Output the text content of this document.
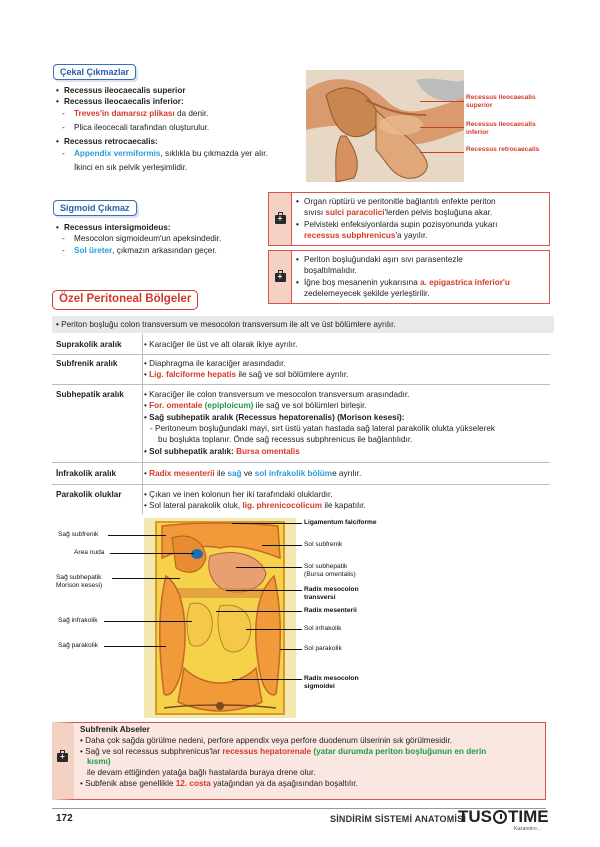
Çekal Çıkmazlar
• Recessus ileocaecalis superior
• Recessus ileocaecalis inferior:
- Treves'in damarsız plikası da denir.
- Plica ileocecali tarafından oluşturulur.
• Recessus retrocaecalis:
- Appendix vermiformis, sıklıkla bu çıkmazda yer alır.
İkinci en sık pelvik yerleşimlidir.
Recessus ileocaecalis superior
Recessus ileocaecalis inferior
Recessus retrocaecalis
Sigmoid Çıkmaz
• Recessus intersigmoideus:
- Mesocolon sigmoideum'un apeksindedir.
- Sol üreter, çıkmazın arkasından geçer.
+
• Organ rüptürü ve peritonitle bağlantılı enfekte periton
sıvısı sulci paracolici'lerden pelvis boşluğuna akar.
• Pelvisteki enfeksiyonlarda supin pozisyonunda yukarı
recessus subphrenicus'a yayılır.
+
• Periton boşluğundaki aşırı sıvı parasentezle
boşaltılmalıdır.
• İğne boş mesanenin yukarısına a. epigastrica inferior'u
zedelemeyecek şekilde yerleştirilir.
Özel Peritoneal Bölgeler
• Periton boşluğu colon transversum ve mesocolon transversum ile alt ve üst bölümlere ayrılır.
Suprakolik aralık	• Karaciğer ile üst ve alt olarak ikiye ayrılır.
Subfrenik aralık	• Diaphragma ile karaciğer arasındadır.
• Lig. falciforme hepatis ile sağ ve sol bölümlere ayrılır.
Subhepatik aralık • Karaciğer ile colon transversum ve mesocolon transversum arasındadır.
• For. omentale (epiploicum) ile sağ ve sol bölümleri birleşir.
• Sağ subhepatik aralık (Recessus hepatorenalis) (Morison kesesi):
- Peritoneum boşluğundaki mayi, sırt üstü yatan hastada sağ lateral parakolik olukta yükselerek
bu boşlukta toplanır. Önde sağ recessus subphrenicus ile bağlantılıdır.
• Sol subhepatik aralık: Bursa omentalis
İnfrakolik aralık	• Radix mesenterii ile sağ ve sol infrakolik bölüme ayrılır.
Parakolik oluklar	• Çıkan ve inen kolonun her iki tarafındaki oluklardır.
• Sol lateral parakolik oluk, lig. phrenicocolicum ile kapatılır.
Sağ subfrenik
Area nuda
Sağ subhepatik
Morison kesesi)
Sağ infrakolik
Sağ parakolik
Ligamentum falciforme
Sol subfrenik
Sol subhepatik
(Bursa omentalis)
Radix mesocolon
transversi
Radix mesenterii
Sol infrakolik
Sol parakolik
Radix mesocolon
sigmoidei
+
Subfrenik Abseler
• Daha çok sağda görülme nedeni, perfore appendix veya perfore duodenum ülserinin sık görülmesidir.
• Sağ ve sol recessus subphrenicus'lar recessus hepatorenale (yatar durumda periton boşluğunun en derin
kısmı)
ile devam ettiğinden yatağa bağlı hastalarda buraya drene olur.
• Subfenik abse genellikle 12. costa yatağından ya da aşağısından boşaltılır.
172	SİNDİRİM SİSTEMİ ANATOMİSİ
TUS TIME
Kazandırır...
